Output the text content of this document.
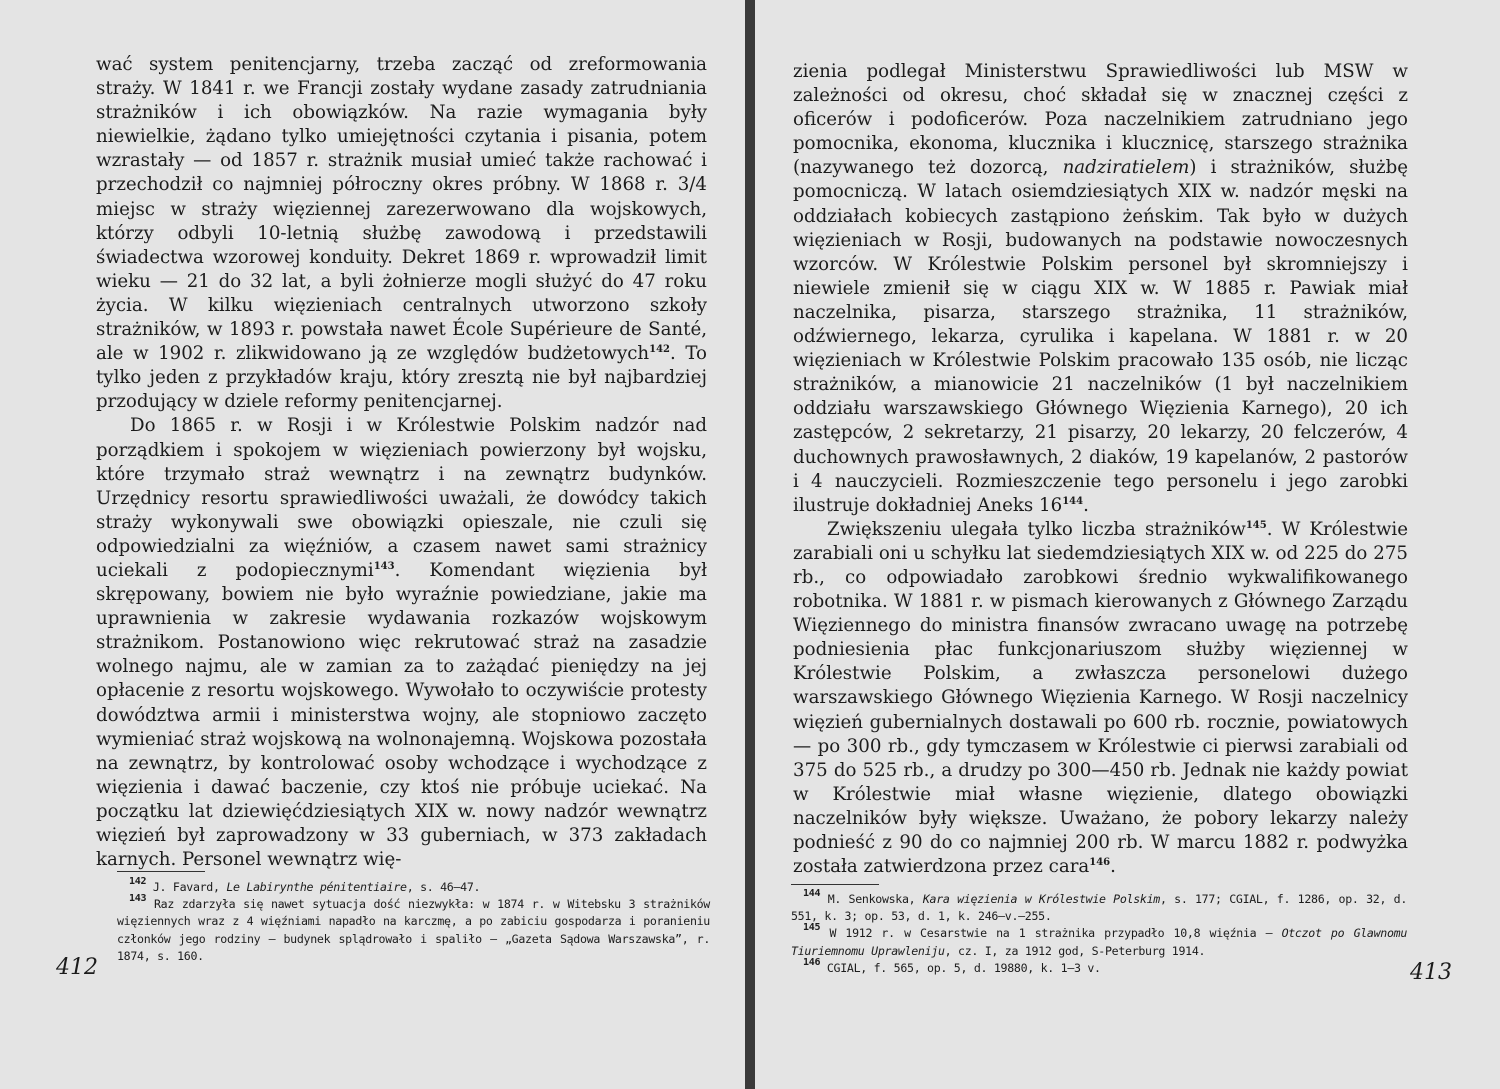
wać system penitencjarny, trzeba zacząć od zreformowania straży. W 1841 r. we Francji zostały wydane zasady zatrudniania strażników i ich obowiązków. Na razie wymagania były niewielkie, żądano tylko umiejętności czytania i pisania, potem wzrastały — od 1857 r. strażnik musiał umieć także rachować i przechodził co najmniej półroczny okres próbny. W 1868 r. 3/4 miejsc w straży więziennej zarezerwowano dla wojskowych, którzy odbyli 10-letnią służbę zawodową i przedstawili świadectwa wzorowej konduity. Dekret 1869 r. wprowadził limit wieku — 21 do 32 lat, a byli żołnierze mogli służyć do 47 roku życia. W kilku więzieniach centralnych utworzono szkoły strażników, w 1893 r. powstała nawet École Supérieure de Santé, ale w 1902 r. zlikwidowano ją ze względów budżetowych$^{142}$. To tylko jeden z przykładów kraju, który zresztą nie był najbardziej przodujący w dziele reformy penitencjarnej.

Do 1865 r. w Rosji i w Królestwie Polskim nadzór nad porządkiem i spokojem w więzieniach powierzony był wojsku, które trzymało straż wewnątrz i na zewnątrz budynków. Urzędnicy resortu sprawiedliwości uważali, że dowódcy takich straży wykonywali swe obowiązki opieszale, nie czuli się odpowiedzialni za więźniów, a czasem nawet sami strażnicy uciekali z podopiecznymi$^{143}$. Komendant więzienia był skrępowany, bowiem nie było wyraźnie powiedziane, jakie ma uprawnienia w zakresie wydawania rozkazów wojskowym strażnikom. Postanowiono więc rekrutować straż na zasadzie wolnego najmu, ale w zamian za to zażądać pieniędzy na jej opłacenie z resortu wojskowego. Wywołało to oczywiście protesty dowództwa armii i ministerstwa wojny, ale stopniowo zaczęto wymieniać straż wojskową na wolnonajemną. Wojskowa pozostała na zewnątrz, by kontrolować osoby wchodzące i wychodzące z więzienia i dawać baczenie, czy ktoś nie próbuje uciekać. Na początku lat dziewięćdziesiątych XIX w. nowy nadzór wewnątrz więzień był zaprowadzony w 33 guberniach, w 373 zakładach karnych. Personel wewnątrz wię-

$^{142}$ J. Favard, Le Labirynthe pénitentiaire, s. 46—47.

$^{143}$ Raz zdarzyła się nawet sytuacja dość niezwykła: w 1874 r. w Witebsku 3 strażników więziennych wraz z 4 więźniami napadło na karczmę, a po zabiciu gospodarza i poranieniu członków jego rodziny — budynek splądrowało i spaliło — „Gazeta Sądowa Warszawska”, r. 1874, s. 160.

412

zienia podlegał Ministerstwu Sprawiedliwości lub MSW w zależności od okresu, choć składał się w znacznej części z oficerów i podoficerów. Poza naczelnikiem zatrudniano jego pomocnika, ekonoma, klucznika i klucznicę, starszego strażnika (nazywanego też dozorcą, nadziratielem) i strażników, służbę pomocniczą. W latach osiemdziesiątych XIX w. nadzór męski na oddziałach kobiecych zastąpiono żeńskim. Tak było w dużych więzieniach w Rosji, budowanych na podstawie nowoczesnych wzorców. W Królestwie Polskim personel był skromniejszy i niewiele zmienił się w ciągu XIX w. W 1885 r. Pawiak miał naczelnika, pisarza, starszego strażnika, 11 strażników, odźwiernego, lekarza, cyrulika i kapelana. W 1881 r. w 20 więzieniach w Królestwie Polskim pracowało 135 osób, nie licząc strażników, a mianowicie 21 naczelników (1 był naczelnikiem oddziału warszawskiego Głównego Więzienia Karnego), 20 ich zastępców, 2 sekretarzy, 21 pisarzy, 20 lekarzy, 20 felczerów, 4 duchownych prawosławnych, 2 diaków, 19 kapelanów, 2 pastorów i 4 nauczycieli. Rozmieszczenie tego personelu i jego zarobki ilustruje dokładniej Aneks $16^{144}$.

Zwiększeniu ulegała tylko liczba strażników$^{145}$. W Królestwie zarabiali oni u schyłku lat siedemdziesiątych XIX w. od 225 do 275 rb., co odpowiadało zarobkowi średnio wykwalifikowanego robotnika. W 1881 r. w pismach kierowanych z Głównego Zarządu Więziennego do ministra finansów zwracano uwagę na potrzebę podniesienia płac funkcjonariuszom służby więziennej w Królestwie Polskim, a zwłaszcza personelowi dużego warszawskiego Głównego Więzienia Karnego. W Rosji naczelnicy więzień gubernialnych dostawali po 600 rb. rocznie, powiatowych — po 300 rb., gdy tymczasem w Królestwie ci pierwsi zarabiali od 375 do 525 rb., a drudzy po 300—450 rb. Jednak nie każdy powiat w Królestwie miał własne więzienie, dlatego obowiązki naczelników były większe. Uważano, że pobory lekarzy należy podnieść z 90 do co najmniej 200 rb. W marcu 1882 r. podwyżka została zatwierdzona przez cara$^{146}$.

$^{144}$ M. Senkowska, Kara więzienia w Królestwie Polskim, s. 177; CGIAL, f. 1286, op. 32, d. 551, k. 3; op. 53, d. 1, k. 246—v.—255.

$^{145}$ W 1912 r. w Cesarstwie na 1 strażnika przypadło 10,8 więźnia — Otczot po Glawnomu Tiuriemnomu Uprawleniju, cz. I, za 1912 god, S-Peterburg 1914.

$^{146}$ CGIAL, f. 565, op. 5, d. 19880, k. 1—3 v.	413
